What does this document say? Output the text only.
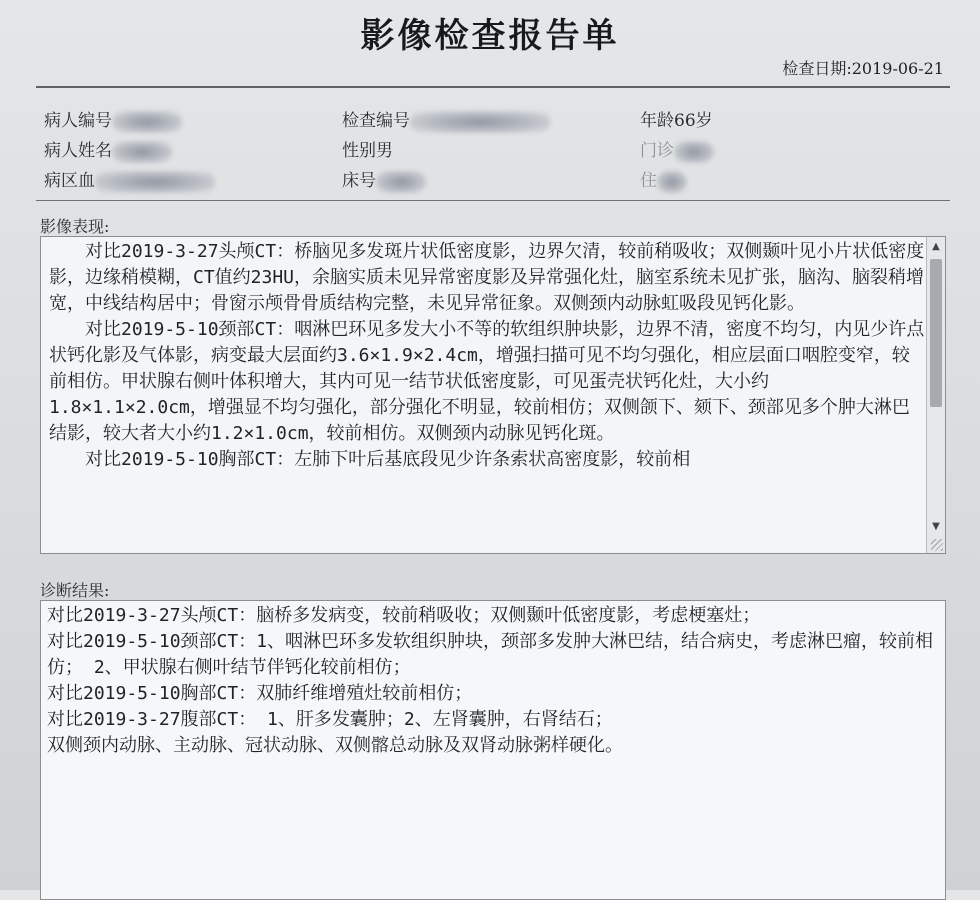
影像检查报告单
检查日期:2019-06-21
病人编号	检查编号	年龄66岁
病人姓名	性别男	门诊
病区血	床号	住
影像表现:

对比2019-3-27头颅CT：桥脑见多发斑片状低密度影，边界欠清，较前稍吸收；双侧颞叶见小片状低密度影，边缘稍模糊，CT值约23HU，余脑实质未见异常密度影及异常强化灶，脑室系统未见扩张，脑沟、脑裂稍增宽，中线结构居中；骨窗示颅骨骨质结构完整，未见异常征象。双侧颈内动脉虹吸段见钙化影。

对比2019-5-10颈部CT：咽淋巴环见多发大小不等的软组织肿块影，边界不清，密度不均匀，内见少许点状钙化影及气体影，病变最大层面约3.6×1.9×2.4cm，增强扫描可见不均匀强化，相应层面口咽腔变窄，较前相仿。甲状腺右侧叶体积增大，其内可见一结节状低密度影，可见蛋壳状钙化灶，大小约1.8×1.1×2.0cm，增强显不均匀强化，部分强化不明显，较前相仿；双侧颌下、颏下、颈部见多个肿大淋巴结影，较大者大小约1.2×1.0cm，较前相仿。双侧颈内动脉见钙化斑。

对比2019-5-10胸部CT：左肺下叶后基底段见少许条索状高密度影，较前相

▲
▼
诊断结果:

对比2019-3-27头颅CT：脑桥多发病变，较前稍吸收；双侧颞叶低密度影，考虑梗塞灶；

对比2019-5-10颈部CT：1、咽淋巴环多发软组织肿块，颈部多发肿大淋巴结，结合病史，考虑淋巴瘤，较前相仿； 2、甲状腺右侧叶结节伴钙化较前相仿；

对比2019-5-10胸部CT：双肺纤维增殖灶较前相仿；

对比2019-3-27腹部CT： 1、肝多发囊肿；2、左肾囊肿，右肾结石；

双侧颈内动脉、主动脉、冠状动脉、双侧髂总动脉及双肾动脉粥样硬化。
